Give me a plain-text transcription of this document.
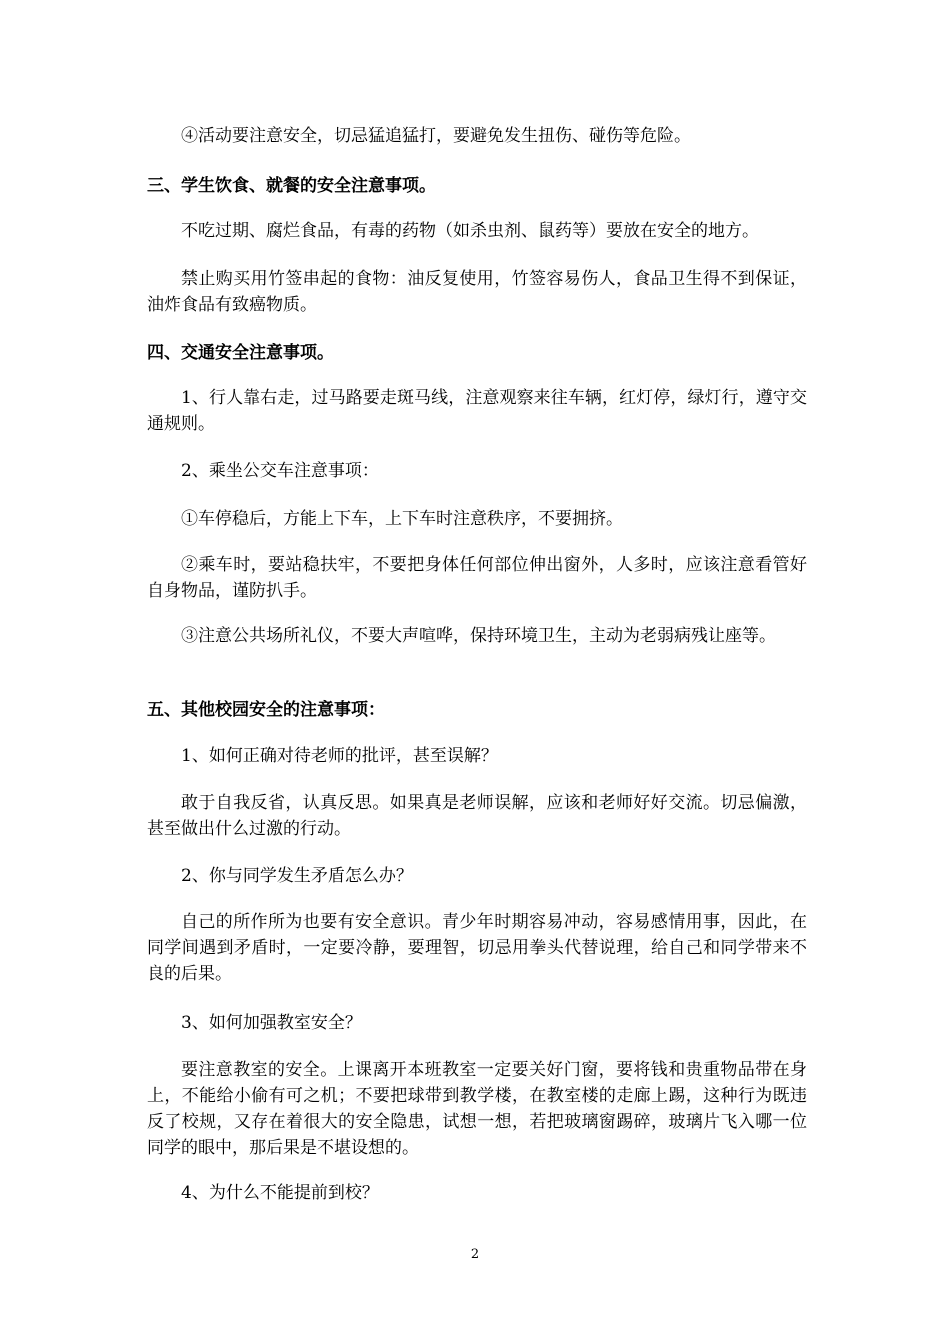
④活动要注意安全，切忌猛追猛打，要避免发生扭伤、碰伤等危险。

三、学生饮食、就餐的安全注意事项。

不吃过期、腐烂食品，有毒的药物（如杀虫剂、鼠药等）要放在安全的地方。

禁止购买用竹签串起的食物：油反复使用，竹签容易伤人，食品卫生得不到保证，油炸食品有致癌物质。

四、交通安全注意事项。

1、行人靠右走，过马路要走斑马线，注意观察来往车辆，红灯停，绿灯行，遵守交通规则。

2、乘坐公交车注意事项：

①车停稳后，方能上下车，上下车时注意秩序，不要拥挤。

②乘车时，要站稳扶牢，不要把身体任何部位伸出窗外，人多时，应该注意看管好自身物品，谨防扒手。

③注意公共场所礼仪，不要大声喧哗，保持环境卫生，主动为老弱病残让座等。

五、其他校园安全的注意事项：

1、如何正确对待老师的批评，甚至误解？

敢于自我反省，认真反思。如果真是老师误解，应该和老师好好交流。切忌偏激，甚至做出什么过激的行动。

2、你与同学发生矛盾怎么办？

自己的所作所为也要有安全意识。青少年时期容易冲动，容易感情用事，因此，在同学间遇到矛盾时，一定要冷静，要理智，切忌用拳头代替说理，给自己和同学带来不良的后果。

3、如何加强教室安全？

要注意教室的安全。上课离开本班教室一定要关好门窗，要将钱和贵重物品带在身上，不能给小偷有可之机；不要把球带到教学楼，在教室楼的走廊上踢，这种行为既违反了校规，又存在着很大的安全隐患，试想一想，若把玻璃窗踢碎，玻璃片飞入哪一位同学的眼中，那后果是不堪设想的。

4、为什么不能提前到校？

2
